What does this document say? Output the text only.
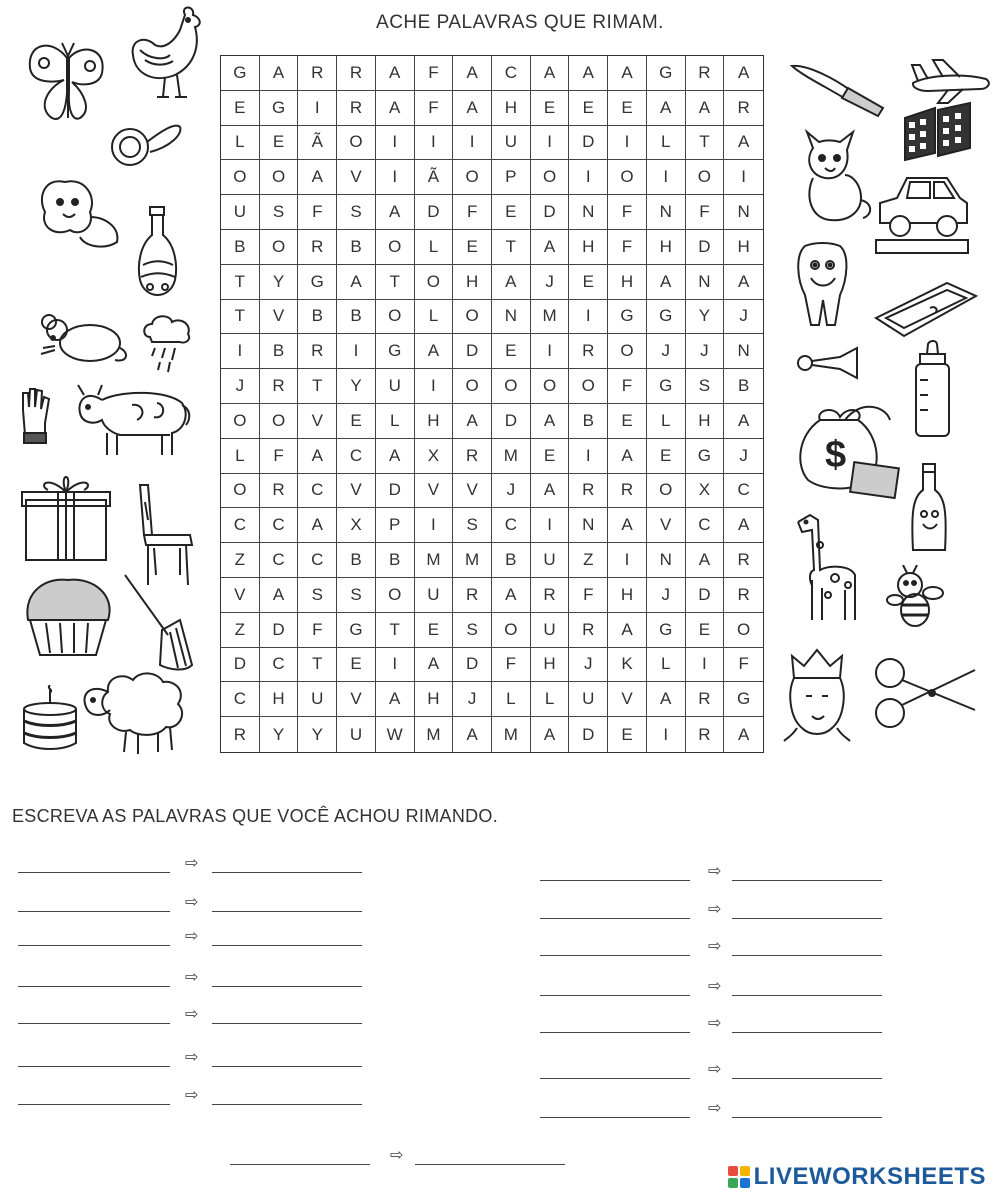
ACHE PALAVRAS QUE RIMAM.
G	A	R	R	A	F	A	C	A	A	A	G	R	A
E	G	I	R	A	F	A	H	E	E	E	A	A	R
L	E	Ã	O	I	I	I	U	I	D	I	L	T	A
O	O	A	V	I	Ã	O	P	O	I	O	I	O	I
U	S	F	S	A	D	F	E	D	N	F	N	F	N
B	O	R	B	O	L	E	T	A	H	F	H	D	H
T	Y	G	A	T	O	H	A	J	E	H	A	N	A
T	V	B	B	O	L	O	N	M	I	G	G	Y	J
I	B	R	I	G	A	D	E	I	R	O	J	J	N
J	R	T	Y	U	I	O	O	O	O	F	G	S	B
O	O	V	E	L	H	A	D	A	B	E	L	H	A
L	F	A	C	A	X	R	M	E	I	A	E	G	J
O	R	C	V	D	V	V	J	A	R	R	O	X	C
C	C	A	X	P	I	S	C	I	N	A	V	C	A
Z	C	C	B	B	M	M	B	U	Z	I	N	A	R
V	A	S	S	O	U	R	A	R	F	H	J	D	R
Z	D	F	G	T	E	S	O	U	R	A	G	E	O
D	C	T	E	I	A	D	F	H	J	K	L	I	F
C	H	U	V	A	H	J	L	L	U	V	A	R	G
R	Y	Y	U	W	M	A	M	A	D	E	I	R	A
$
ESCREVA AS PALAVRAS QUE VOCÊ ACHOU RIMANDO.
⇨
⇨
⇨
⇨
⇨
⇨
⇨
⇨
⇨
⇨
⇨
⇨
⇨
⇨
⇨
LIVEWORKSHEETS
